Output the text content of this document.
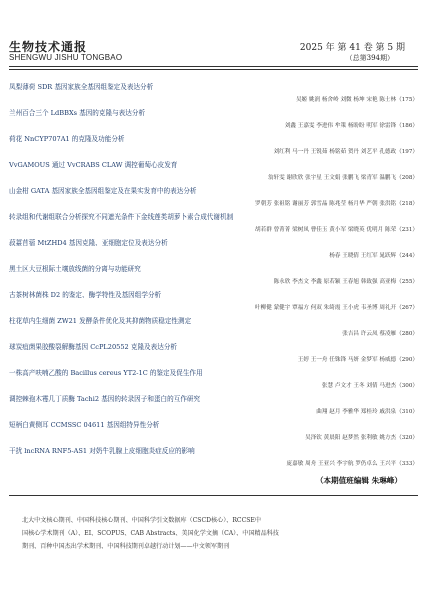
生物技术通报
SHENGWU JISHU TONGBAO
2025 年 第 41 卷 第 5 期
（总第394期）
凤梨薄荷 SDR 基因家族全基因组鉴定及表达分析
吴姬 姚润 杨舍岭 刘微 杨坤 宋艳 陈士林（175）
兰州百合三个 LdBBXs 基因的克隆与表达分析
刘鑫 王嘉雯 李进伟 牟策 杨盼盼 明军 徐雷锋（186）
荷花 NnCYP707A1 的克隆及功能分析
刘红利 马一丹 王锐茹 杨铭茹 贺丹 刘艺平 孔德政（197）
VvGAMOUS 通过 VvCRABS CLAW 调控葡萄心皮发育
翁轩雯 谢欣欣 张宇星 王文娟 张鹏飞 梁青军 温鹏飞（208）
山金柑 GATA 基因家族全基因组鉴定及在果实发育中的表达分析
罗朝芳 张祖铭 谢丽芳 郭雪晶 陈兆莹 杨月华 严朝 张洪铭（218）
转录组和代谢组联合分析探究不同遮光条件下金线莲类胡萝卜素合成代谢机制
胡若群 曾菁菁 梁树凤 曹佳玉 黄小军 梁晓英 优明月 陈荣（231）
菽薹苜蓿 MtZHD4 基因克隆、亚细胞定位及表达分析
杨春 王晓倩 王红军 晁跃辉（244）
黑土区大豆根际土壤放线菌的分离与功能研究
陈永欣 李杰文 李鑫 原若颖 王春旭 韩致强 高亚梅（255）
古茶树林菌株 D2 的鉴定、酶学特性及基因组学分析
叶柳健 蒙健宇 覃福方 何双 朱绮霞 王小虎 韦圣博 周礼开（267）
柱花草内生细菌 ZW21 发酵条件优化及其抑菌物质稳定性测定
张吉昌 许云凤 蔡凌雁（280）
球炭疽菌果胶酸裂解酶基因 CcPL20552 克隆及表达分析
王婷 王一舟 任铢锋 马妍 金梦军 杨威德（290）
一株高产呋喃乙酸的 Bacillus cereus YT2-1C 的鉴定及促生作用
张慧 卢文才 王冬 刘倩 马进杰（300）
调控棘孢木霉几丁质酶 Tachi2 基因的转录因子和蛋白的互作研究
曲翔 赵月 李雅华 郑桂玲 戚洪泉（310）
短柄白黄侧耳 CCMSSC 04611 基因组特异性分析
吴泽钦 黄晨阳 赵梦然 张利敏 姚方杰（320）
干扰 lncRNA RNF5-AS1 对奶牛乳腺上皮细胞炎症反应的影响
庞嘉敏 周舟 王亚兴 李宇航 罗仍卓么 王兴平（333）
（本期值班编辑 朱琳峰）
北大中文核心期刊、中国科技核心期刊、中国科学引文数据库（CSCD核心）、RCCSE中
国核心学术期刊（A）、EI、SCOPUS、CAB Abstracts、美国化学文摘（CA）、中国精品科技
期刊、百种中国杰出学术期刊、中国科技期刊卓越行动计划——中文领军期刊
